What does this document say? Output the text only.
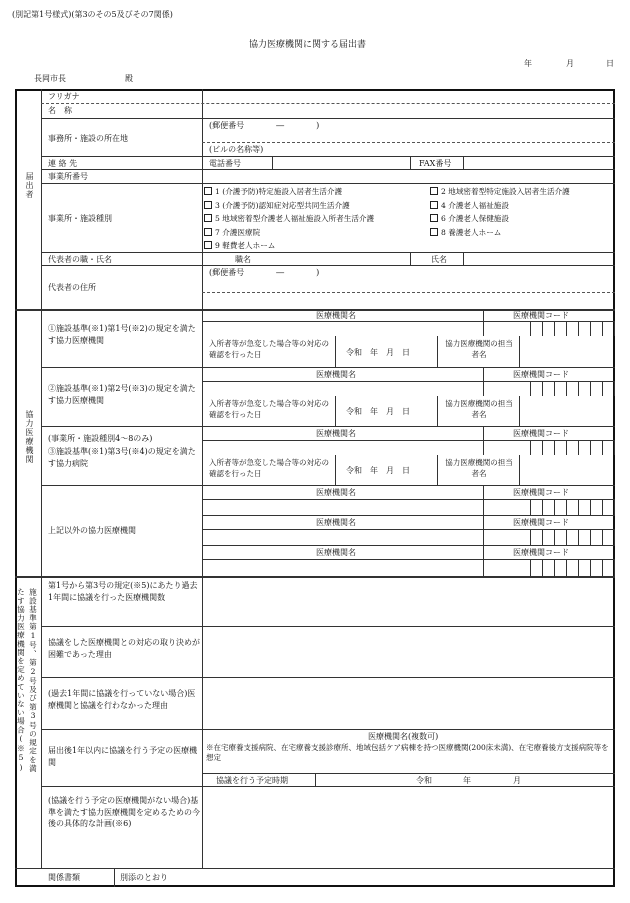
(別記第1号様式)(第3のその5及びその7関係)
協力医療機関に関する届出書
年	月	日
長岡市長	殿
届出者
フリガナ
名　称
事務所・施設の所在地
(郵便番号　　　　―　　　　)
(ビルの名称等)
連 絡 先	電話番号	FAX番号
事業所番号
事業所・施設種別
1 (介護予防)特定施設入居者生活介護	2 地域密着型特定施設入居者生活介護
3 (介護予防)認知症対応型共同生活介護	4 介護老人福祉施設
5 地域密着型介護老人福祉施設入所者生活介護	6 介護老人保健施設
7 介護医療院	8 養護老人ホーム
9 軽費老人ホーム
代表者の職・氏名	職名	氏名
代表者の住所
(郵便番号　　　　―　　　　)
協力医療機関
①施設基準(※1)第1号(※2)の規定を満たす協力医療機関
医療機関名	医療機関コード
入所者等が急変した場合等の対応の確認を行った日	令和　年　月　日
協力医療機関の担当者名
②施設基準(※1)第2号(※3)の規定を満たす協力医療機関
医療機関名	医療機関コード
入所者等が急変した場合等の対応の確認を行った日	令和　年　月　日
協力医療機関の担当者名
(事業所・施設種別4～8のみ)
③施設基準(※1)第3号(※4)の規定を満たす協力病院
医療機関名	医療機関コード
入所者等が急変した場合等の対応の確認を行った日	令和　年　月　日
協力医療機関の担当者名
上記以外の協力医療機関
医療機関名	医療機関コード
医療機関名	医療機関コード
医療機関名	医療機関コード
施設基準第1号、第2号及び第3号の規定を満
たす協力医療機関を定めていない場合(※5)
第1号から第3号の規定(※5)にあたり過去1年間に協議を行った医療機関数
協議をした医療機関との対応の取り決めが困難であった理由
(過去1年間に協議を行っていない場合)医療機関と協議を行わなかった理由
届出後1年以内に協議を行う予定の医療機関
医療機関名(複数可)
※在宅療養支援病院、在宅療養支援診療所、地域包括ケア病棟を持つ医療機関(200床未満)、在宅療養後方支援病院等を想定
協議を行う予定時期	令和	年	月
(協議を行う予定の医療機関がない場合)基準を満たす協力医療機関を定めるための今後の具体的な計画(※6)
関係書類	別添のとおり
